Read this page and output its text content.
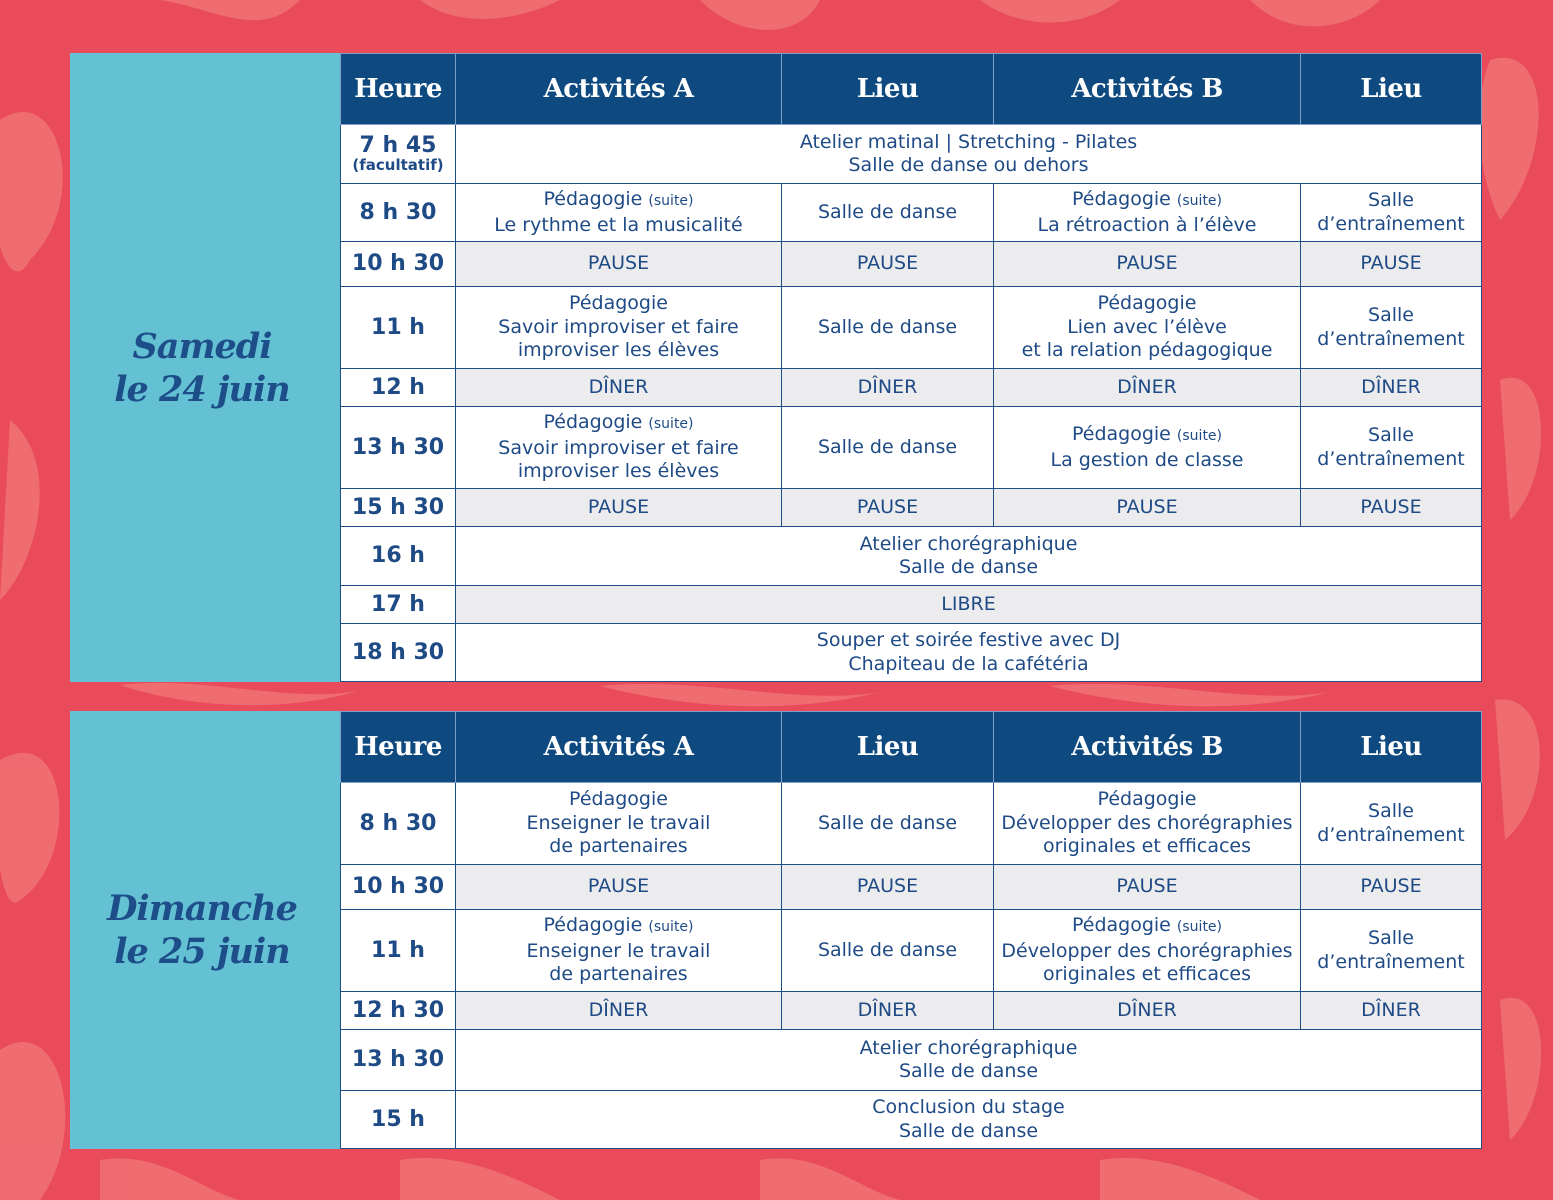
Samedi
le 24 juin
Heure	Activités A	Lieu	Activités B	Lieu

7 h 45
(facultatif)	Atelier matinal | Stretching - Pilates
Salle de danse ou dehors			

8 h 30	Pédagogie (suite)
Le rythme et la musicalité	Salle de danse	Pédagogie (suite)
La rétroaction à l’élève	Salle
d’entraînement

10 h 30	PAUSE	PAUSE	PAUSE	PAUSE
11 h	Pédagogie
Savoir improviser et faire
improviser les élèves	Salle de danse	Pédagogie
Lien avec l’élève
et la relation pédagogique	Salle
d’entraînement

12 h	DÎNER	DÎNER	DÎNER	DÎNER
13 h 30	Pédagogie (suite)
Savoir improviser et faire
improviser les élèves	Salle de danse	Pédagogie (suite)
La gestion de classe	Salle
d’entraînement

15 h 30	PAUSE	PAUSE	PAUSE	PAUSE
16 h	Atelier chorégraphique
Salle de danse			

17 h	LIBRE			
18 h 30	Souper et soirée festive avec DJ
Chapiteau de la cafétéria			
Dimanche
le 25 juin
Heure	Activités A	Lieu	Activités B	Lieu
8 h 30	Pédagogie
Enseigner le travail
de partenaires	Salle de danse	Pédagogie
Développer des chorégraphies
originales et efficaces	Salle
d’entraînement

10 h 30	PAUSE	PAUSE	PAUSE	PAUSE
11 h	Pédagogie (suite)
Enseigner le travail
de partenaires	Salle de danse	Pédagogie (suite)
Développer des chorégraphies
originales et efficaces	Salle
d’entraînement

12 h 30	DÎNER	DÎNER	DÎNER	DÎNER
13 h 30	Atelier chorégraphique
Salle de danse			

15 h	Conclusion du stage
Salle de danse			
